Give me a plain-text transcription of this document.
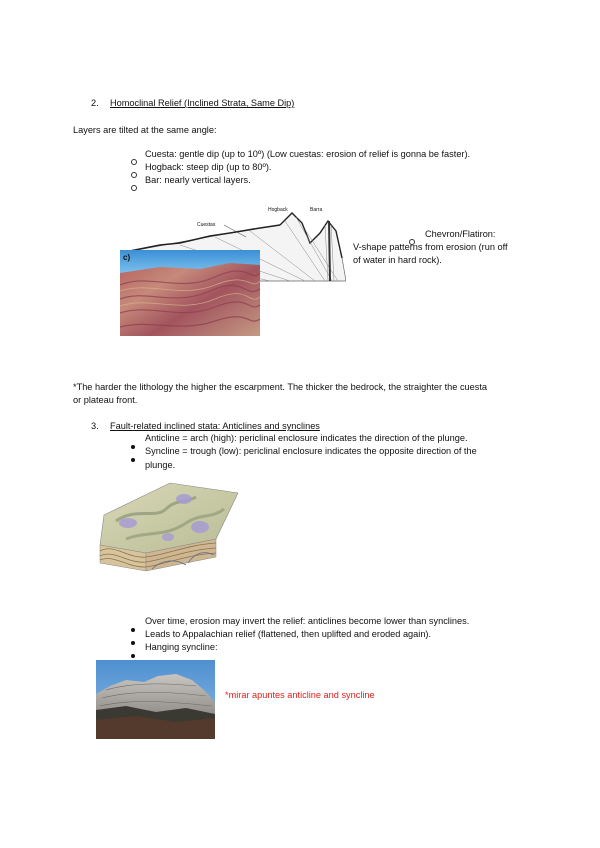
2. Homoclinal Relief (Inclined Strata, Same Dip)
Layers are tilted at the same angle:
Cuesta: gentle dip (up to 10º) (Low cuestas: erosion of relief is gonna be faster).
Hogback: steep dip (up to 80º).
Bar: nearly vertical layers.
Cuestas
Hogback	Barra
c)
Chevron/Flatiron:
V-shape patterns from erosion (run off
of water in hard rock).
*The harder the lithology the higher the escarpment. The thicker the bedrock, the straighter the cuesta
or plateau front.
3. Fault-related inclined stata: Anticlines and synclines
Anticline = arch (high): periclinal enclosure indicates the direction of the plunge.
Syncline = trough (low): periclinal enclosure indicates the opposite direction of the
plunge.
Over time, erosion may invert the relief: anticlines become lower than synclines.
Leads to Appalachian relief (flattened, then uplifted and eroded again).
Hanging syncline:
*mirar apuntes anticline and syncline
